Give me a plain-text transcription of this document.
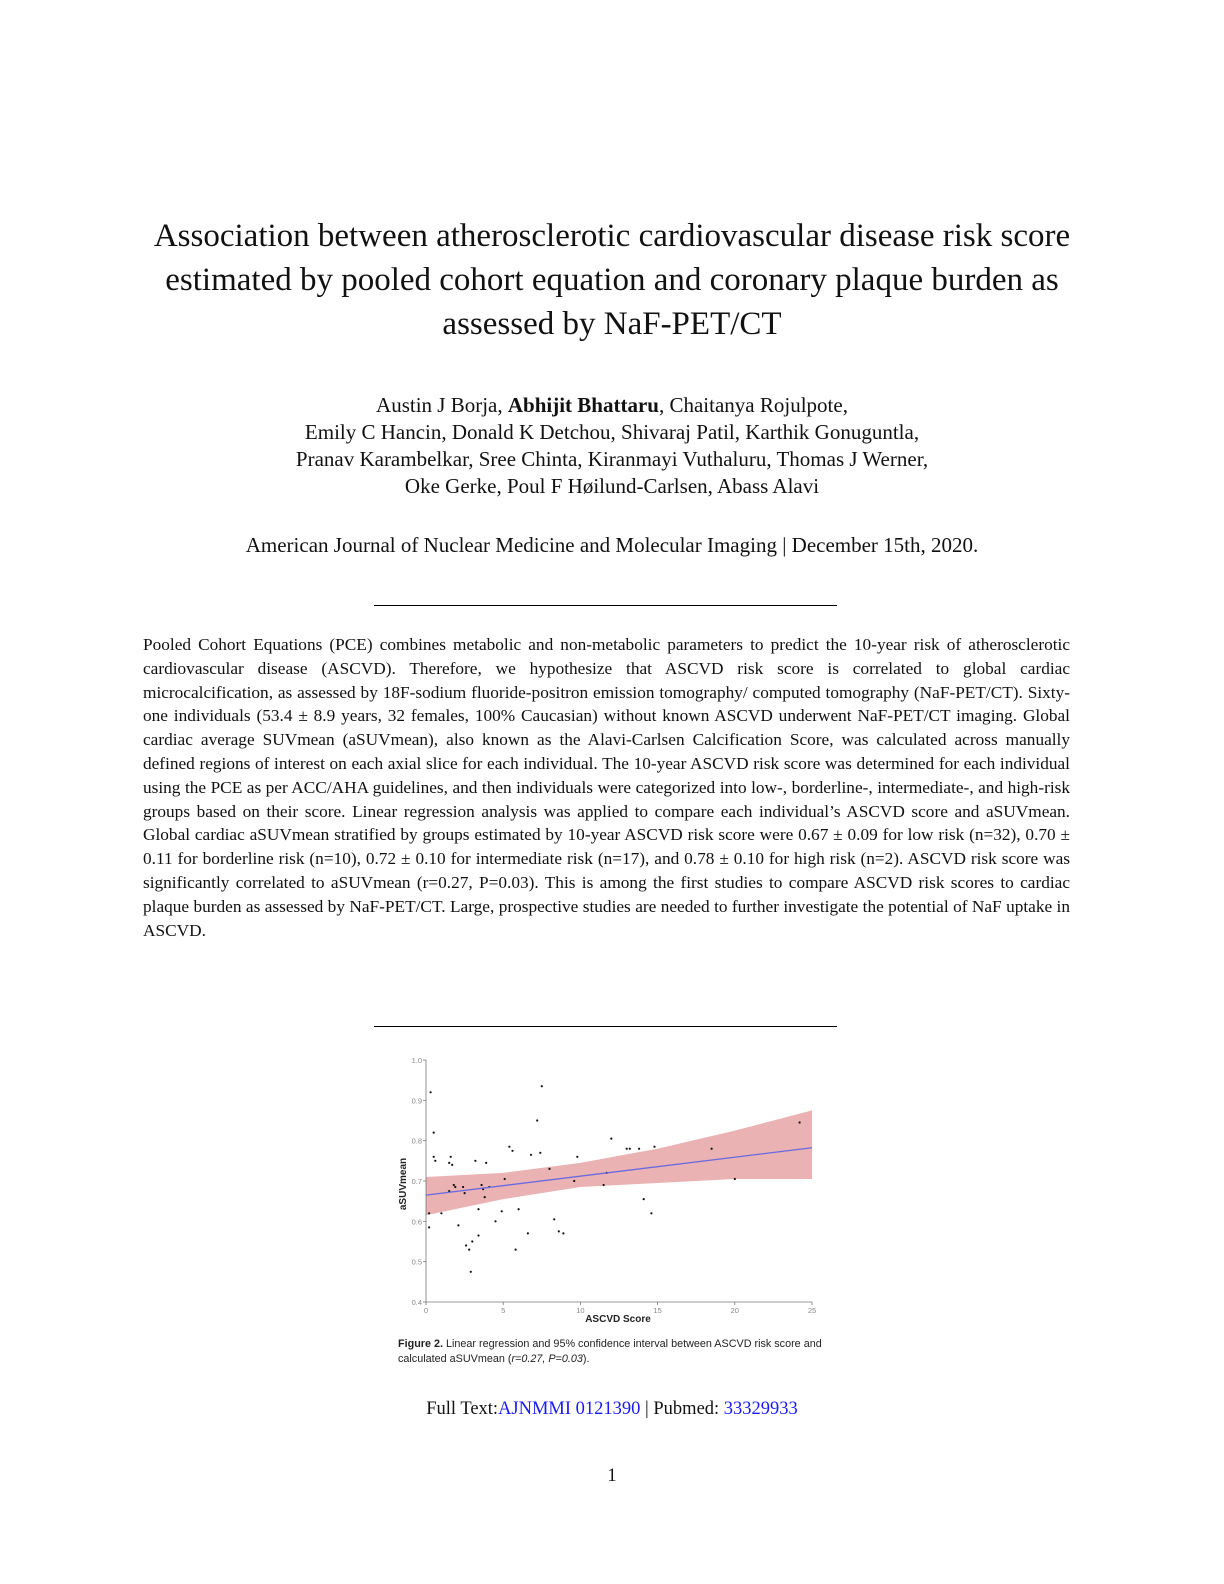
Association between atherosclerotic cardiovascular disease risk score estimated by pooled cohort equation and coronary plaque burden as assessed by NaF-PET/CT
Austin J Borja, Abhijit Bhattaru, Chaitanya Rojulpote,
Emily C Hancin, Donald K Detchou, Shivaraj Patil, Karthik Gonuguntla,
Pranav Karambelkar, Sree Chinta, Kiranmayi Vuthaluru, Thomas J Werner,
Oke Gerke, Poul F Høilund-Carlsen, Abass Alavi
American Journal of Nuclear Medicine and Molecular Imaging | December 15th, 2020.
Pooled Cohort Equations (PCE) combines metabolic and non-metabolic parameters to predict the 10-year risk of atherosclerotic cardiovascular disease (ASCVD). Therefore, we hypothesize that ASCVD risk score is correlated to global cardiac microcalcification, as assessed by 18F-sodium fluoride-positron emission tomography/ computed tomography (NaF-PET/CT). Sixty-one individuals (53.4 ± 8.9 years, 32 females, 100% Caucasian) without known ASCVD underwent NaF-PET/CT imaging. Global cardiac average SUVmean (aSUVmean), also known as the Alavi-Carlsen Calcification Score, was calculated across manually defined regions of interest on each axial slice for each individual. The 10-year ASCVD risk score was determined for each individual using the PCE as per ACC/AHA guidelines, and then individuals were categorized into low-, borderline-, intermediate-, and high-risk groups based on their score. Linear regression analysis was applied to compare each individual’s ASCVD score and aSUVmean. Global cardiac aSUVmean stratified by groups estimated by 10-year ASCVD risk score were 0.67 ± 0.09 for low risk (n=32), 0.70 ± 0.11 for borderline risk (n=10), 0.72 ± 0.10 for intermediate risk (n=17), and 0.78 ± 0.10 for high risk (n=2). ASCVD risk score was significantly correlated to aSUVmean (r=0.27, P=0.03). This is among the first studies to compare ASCVD risk scores to cardiac plaque burden as assessed by NaF-PET/CT. Large, prospective studies are needed to further investigate the potential of NaF uptake in ASCVD.
0.4
0.5
0.6
0.7
0.8
0.9
1.0
0	5	10	15	20	25
ASCVD Score
aSUVmean
Figure 2. Linear regression and 95% confidence interval between ASCVD risk score and calculated aSUVmean (r=0.27, P=0.03).
Full Text:AJNMMI 0121390 | Pubmed: 33329933
1
